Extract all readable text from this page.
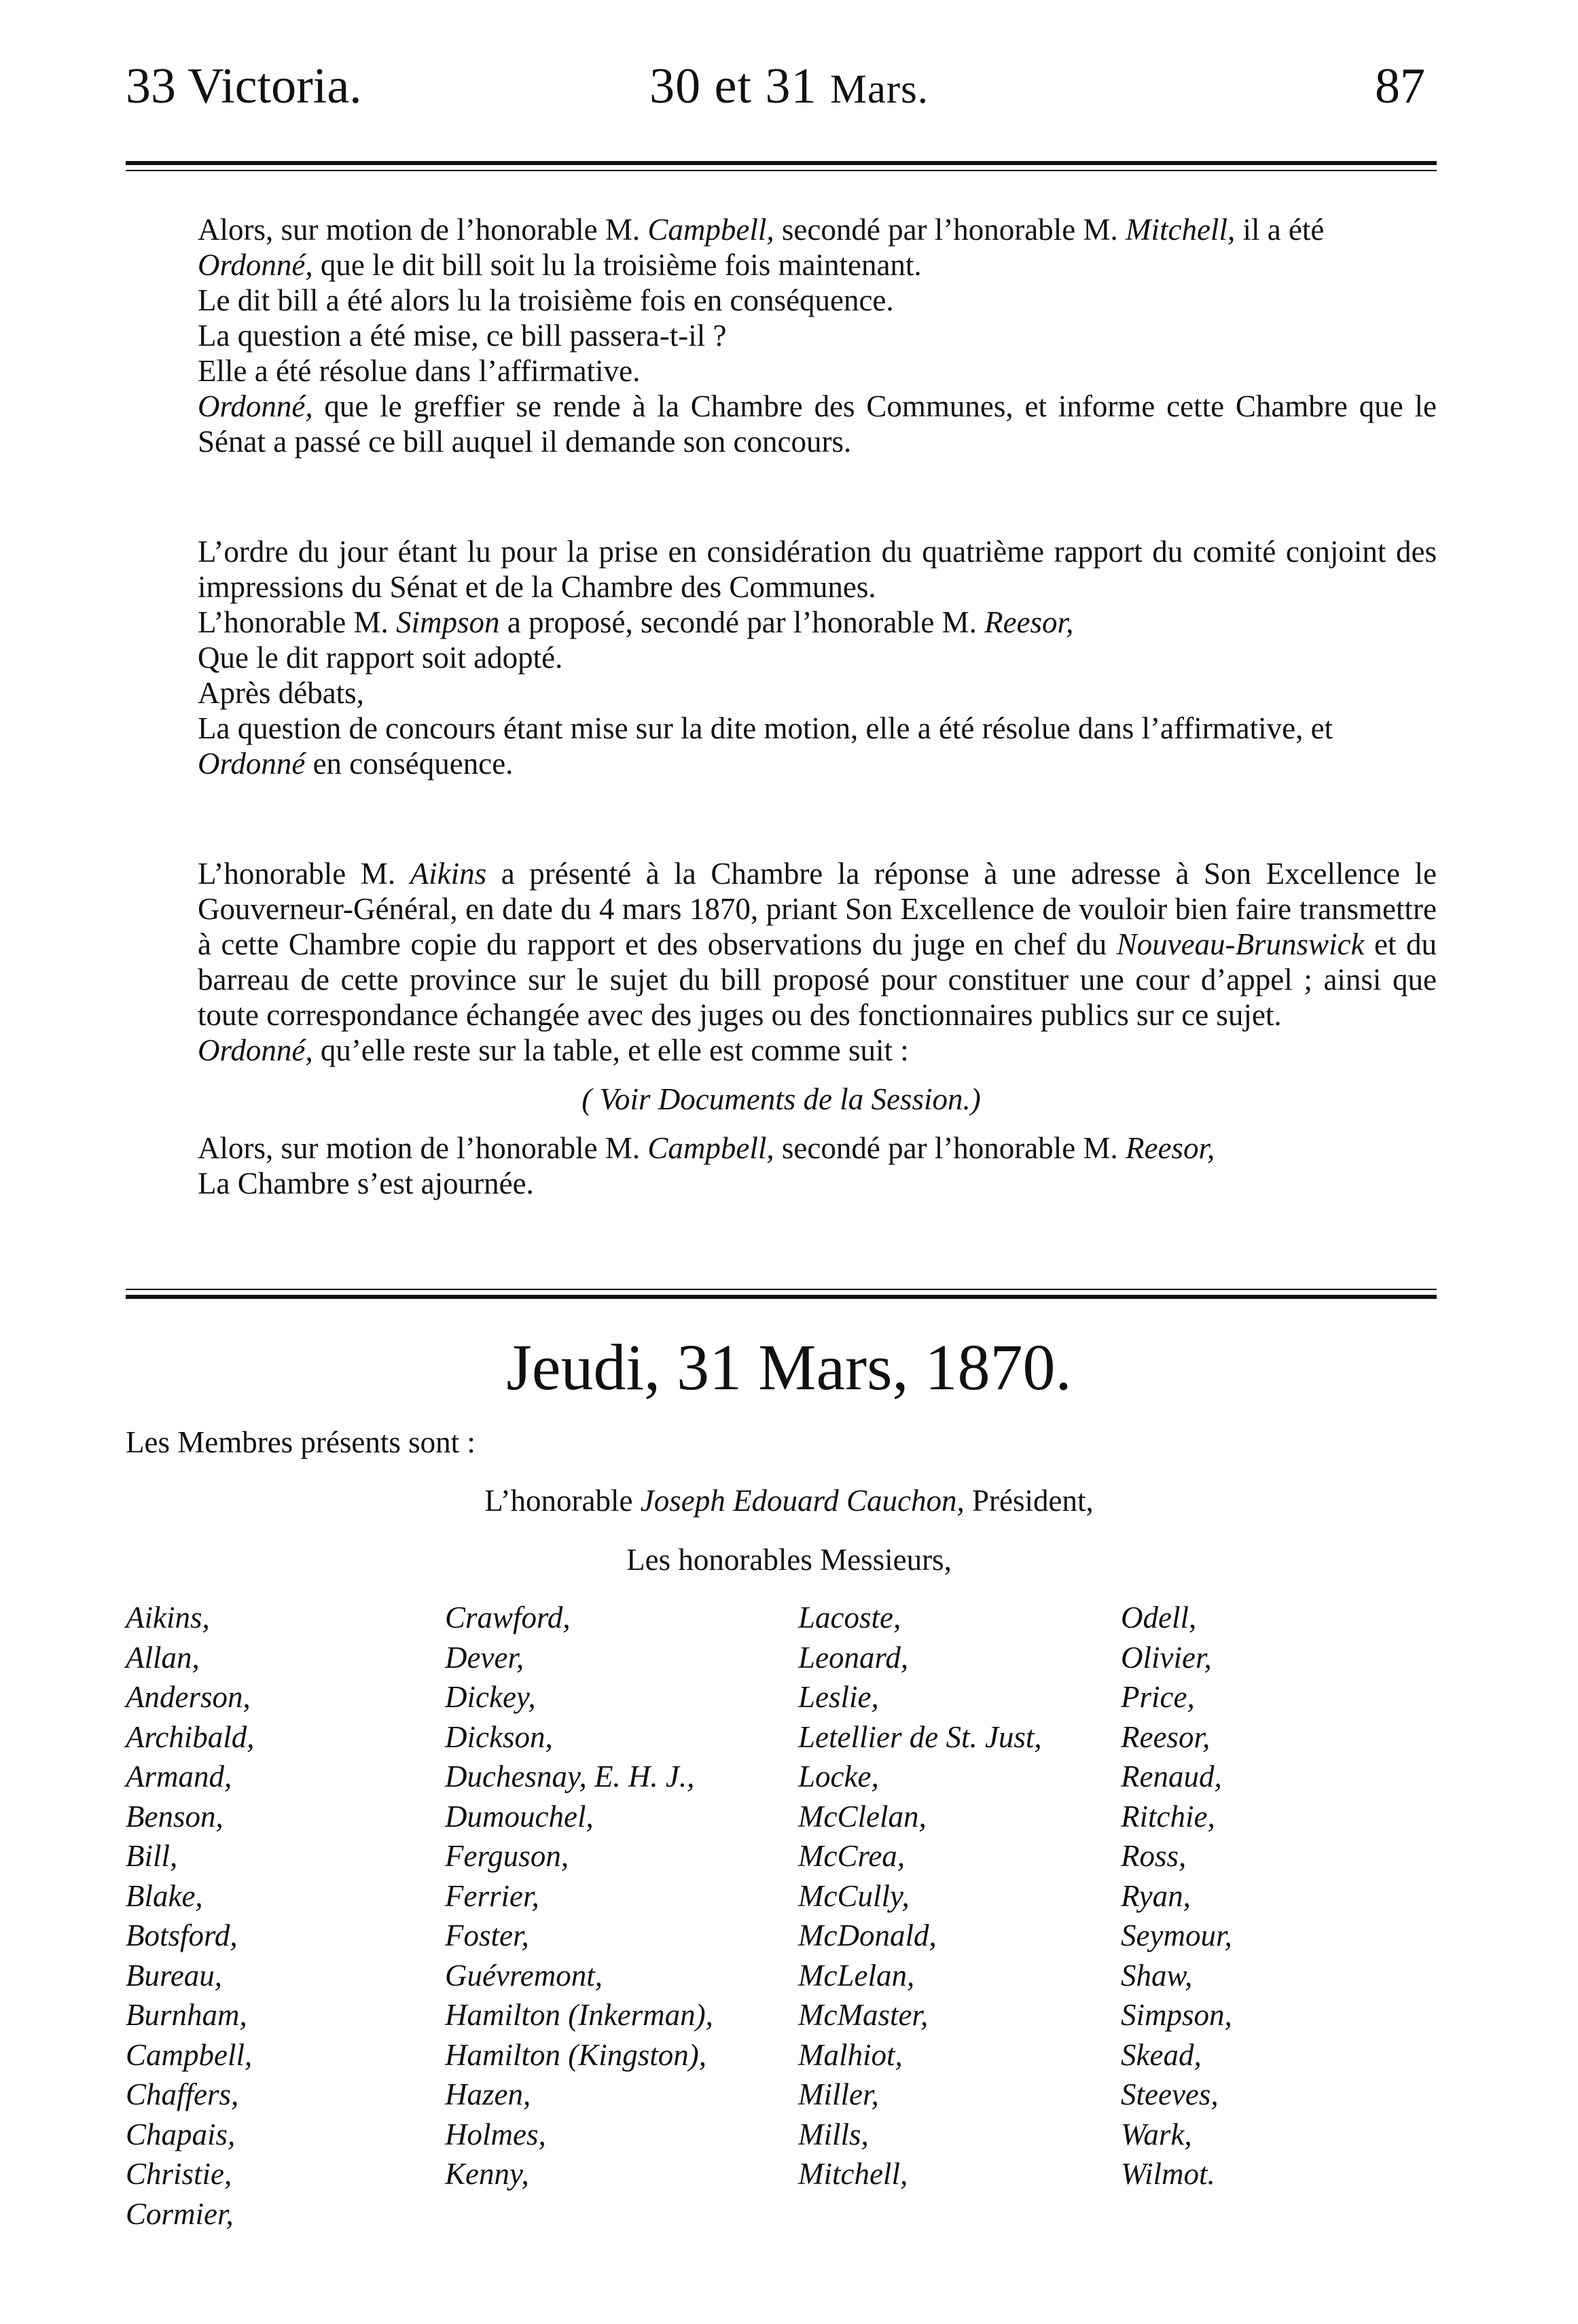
33 Victoria.	30 et 31 Mars.	87

Alors, sur motion de l’honorable M. Campbell, secondé par l’honorable M. Mitchell, il a été

Ordonné, que le dit bill soit lu la troisième fois maintenant.

Le dit bill a été alors lu la troisième fois en conséquence.

La question a été mise, ce bill passera-t-il ?

Elle a été résolue dans l’affirmative.

Ordonné, que le greffier se rende à la Chambre des Communes, et informe cette Chambre que le Sénat a passé ce bill auquel il demande son concours.

L’ordre du jour étant lu pour la prise en considération du quatrième rapport du comité conjoint des impressions du Sénat et de la Chambre des Communes.

L’honorable M. Simpson a proposé, secondé par l’honorable M. Reesor,

Que le dit rapport soit adopté.

Après débats,

La question de concours étant mise sur la dite motion, elle a été résolue dans l’affirmative, et

Ordonné en conséquence.

L’honorable M. Aikins a présenté à la Chambre la réponse à une adresse à Son Excellence le Gouverneur-Général, en date du 4 mars 1870, priant Son Excellence de vouloir bien faire transmettre à cette Chambre copie du rapport et des observations du juge en chef du Nouveau-Brunswick et du barreau de cette province sur le sujet du bill proposé pour constituer une cour d’appel ; ainsi que toute correspondance échangée avec des juges ou des fonctionnaires publics sur ce sujet.

Ordonné, qu’elle reste sur la table, et elle est comme suit :

( Voir Documents de la Session.)

Alors, sur motion de l’honorable M. Campbell, secondé par l’honorable M. Reesor,

La Chambre s’est ajournée.

Jeudi, 31 Mars, 1870.
Les Membres présents sont :
L’honorable Joseph Edouard Cauchon, Président,
Les honorables Messieurs,
Aikins,
Allan,
Anderson,
Archibald,
Armand,
Benson,
Bill,
Blake,
Botsford,
Bureau,
Burnham,
Campbell,
Chaffers,
Chapais,
Christie,
Cormier,
Crawford,
Dever,
Dickey,
Dickson,
Duchesnay, E. H. J.,
Dumouchel,
Ferguson,
Ferrier,
Foster,
Guévremont,
Hamilton (Inkerman),
Hamilton (Kingston),
Hazen,
Holmes,
Kenny,
Lacoste,
Leonard,
Leslie,
Letellier de St. Just,
Locke,
McClelan,
McCrea,
McCully,
McDonald,
McLelan,
McMaster,
Malhiot,
Miller,
Mills,
Mitchell,
Odell,
Olivier,
Price,
Reesor,
Renaud,
Ritchie,
Ross,
Ryan,
Seymour,
Shaw,
Simpson,
Skead,
Steeves,
Wark,
Wilmot.
